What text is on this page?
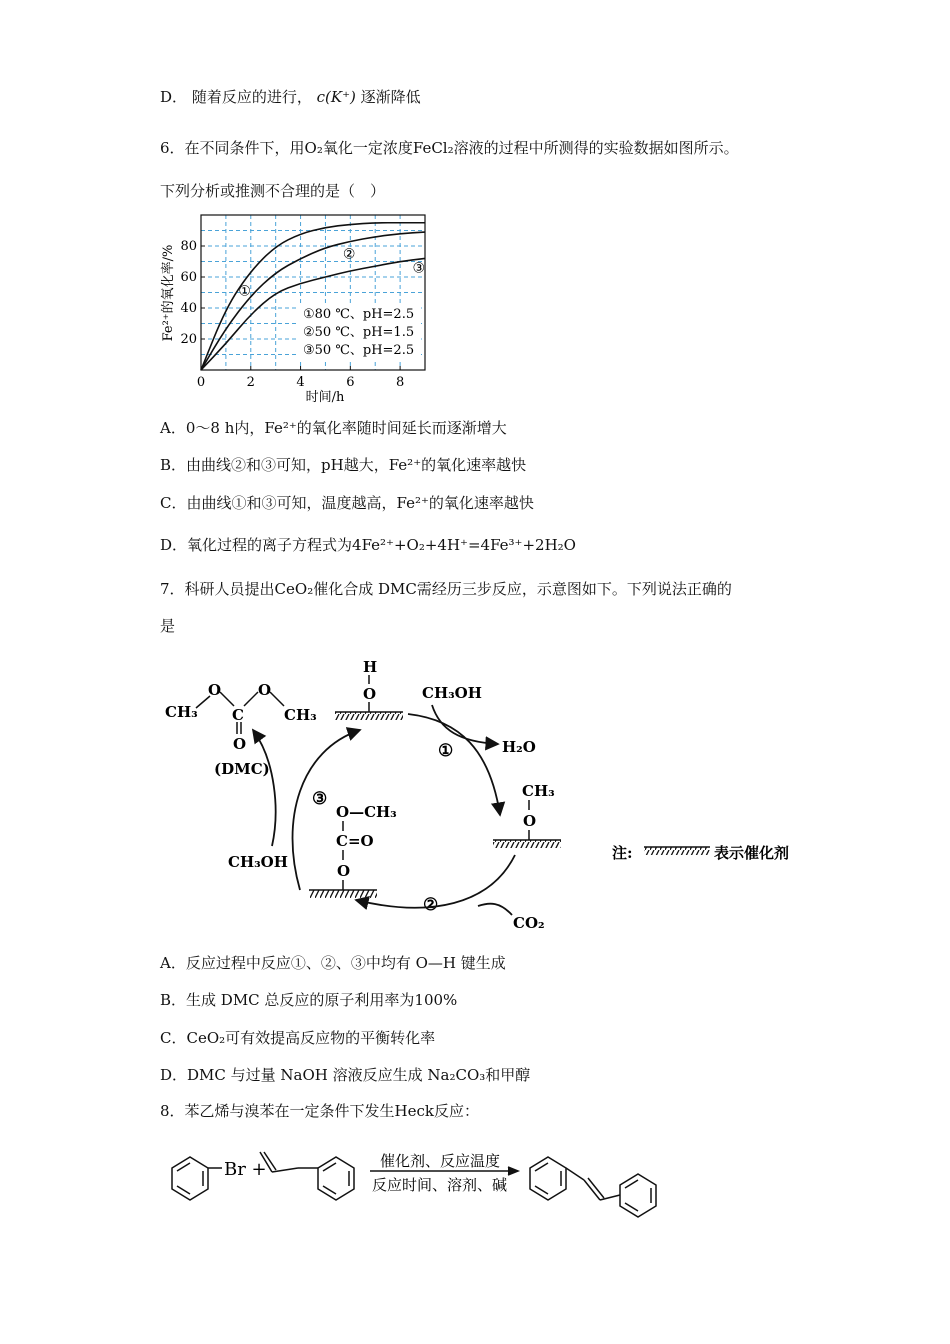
D． 随着反应的进行， c(K⁺) 逐渐降低
6．在不同条件下，用O₂氧化一定浓度FeCl₂溶液的过程中所测得的实验数据如图所示。
下列分析或推测不合理的是（　）
0	2	4	6	8
20
40
60
80
①
②
③
时间/h
Fe²⁺的氧化率/%	①80 ℃、pH=2.5
②50 ℃、pH=1.5
③50 ℃、pH=2.5
A．0～8 h内，Fe²⁺的氧化率随时间延长而逐渐增大
B．由曲线②和③可知，pH越大，Fe²⁺的氧化速率越快
C．由曲线①和③可知，温度越高，Fe²⁺的氧化速率越快
D．氧化过程的离子方程式为4Fe²⁺+O₂+4H⁺=4Fe³⁺+2H₂O
7．科研人员提出CeO₂催化合成 DMC需经历三步反应，示意图如下。下列说法正确的
是
CH₃
O
C
O
CH₃
O
(DMC)
H
O	CH₃OH
H₂O
①
CH₃
O
③
O—CH₃
C=O
O
CH₃OH
②
CO₂
注:	表示催化剂
A．反应过程中反应①、②、③中均有 O—H 键生成
B．生成 DMC 总反应的原子利用率为100%
C．CeO₂可有效提高反应物的平衡转化率
D．DMC 与过量 NaOH 溶液反应生成 Na₂CO₃和甲醇
8．苯乙烯与溴苯在一定条件下发生Heck反应：
Br +	催化剂、反应温度
反应时间、溶剂、碱
